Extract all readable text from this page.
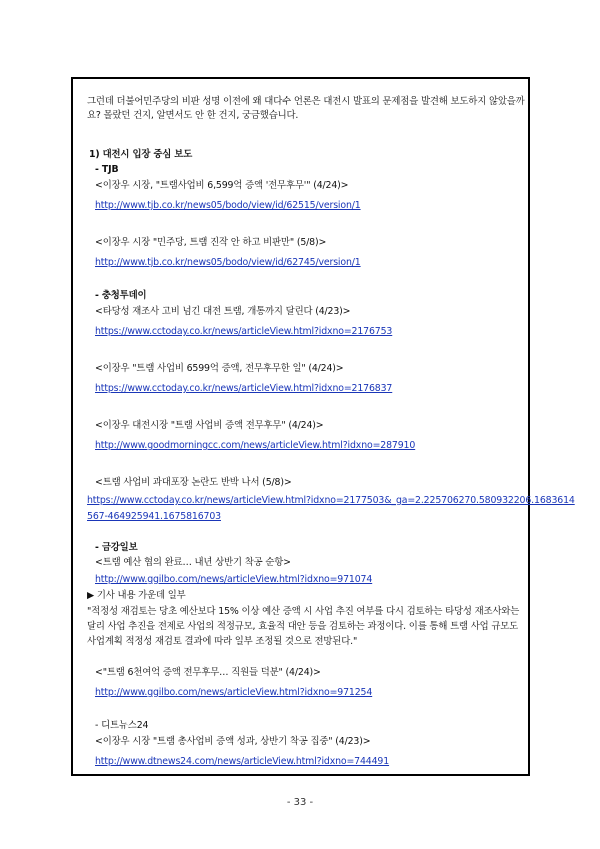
그런데 더불어민주당의 비판 성명 이전에 왜 대다수 언론은 대전시 발표의 문제점을 발견해 보도하지 않았을까
요? 몰랐던 건지, 알면서도 안 한 건지, 궁금했습니다.
1) 대전시 입장 중심 보도
- TJB
<이장우 시장, "트램사업비 6,599억 증액 '전무후무'" (4/24)>
http://www.tjb.co.kr/news05/bodo/view/id/62515/version/1
<이장우 시장 "민주당, 트램 진작 안 하고 비판만" (5/8)>
http://www.tjb.co.kr/news05/bodo/view/id/62745/version/1
- 충청투데이
<타당성 재조사 고비 넘긴 대전 트램, 개통까지 달린다 (4/23)>
https://www.cctoday.co.kr/news/articleView.html?idxno=2176753
<이장우 "트램 사업비 6599억 증액, 전무후무한 일" (4/24)>
https://www.cctoday.co.kr/news/articleView.html?idxno=2176837
<이장우 대전시장 "트램 사업비 증액 전무후무" (4/24)>
http://www.goodmorningcc.com/news/articleView.html?idxno=287910
<트램 사업비 과대포장 논란도 반박 나서 (5/8)>
https://www.cctoday.co.kr/news/articleView.html?idxno=2177503&_ga=2.225706270.580932206.1683614
567-464925941.1675816703
- 금강일보
<트램 예산 협의 완료… 내년 상반기 착공 순항>
http://www.ggilbo.com/news/articleView.html?idxno=971074
▶ 기사 내용 가운데 일부
"적정성 재검토는 당초 예산보다 15% 이상 예산 증액 시 사업 추진 여부를 다시 검토하는 타당성 재조사와는
달리 사업 추진을 전제로 사업의 적정규모, 효율적 대안 등을 검토하는 과정이다. 이를 통해 트램 사업 규모도
사업계획 적정성 재검토 결과에 따라 일부 조정될 것으로 전망된다."
<"트램 6천여억 증액 전무후무… 직원들 덕분" (4/24)>
http://www.ggilbo.com/news/articleView.html?idxno=971254
- 디트뉴스24
<이장우 시장 "트램 총사업비 증액 성과, 상반기 착공 집중" (4/23)>
http://www.dtnews24.com/news/articleView.html?idxno=744491
- 33 -
